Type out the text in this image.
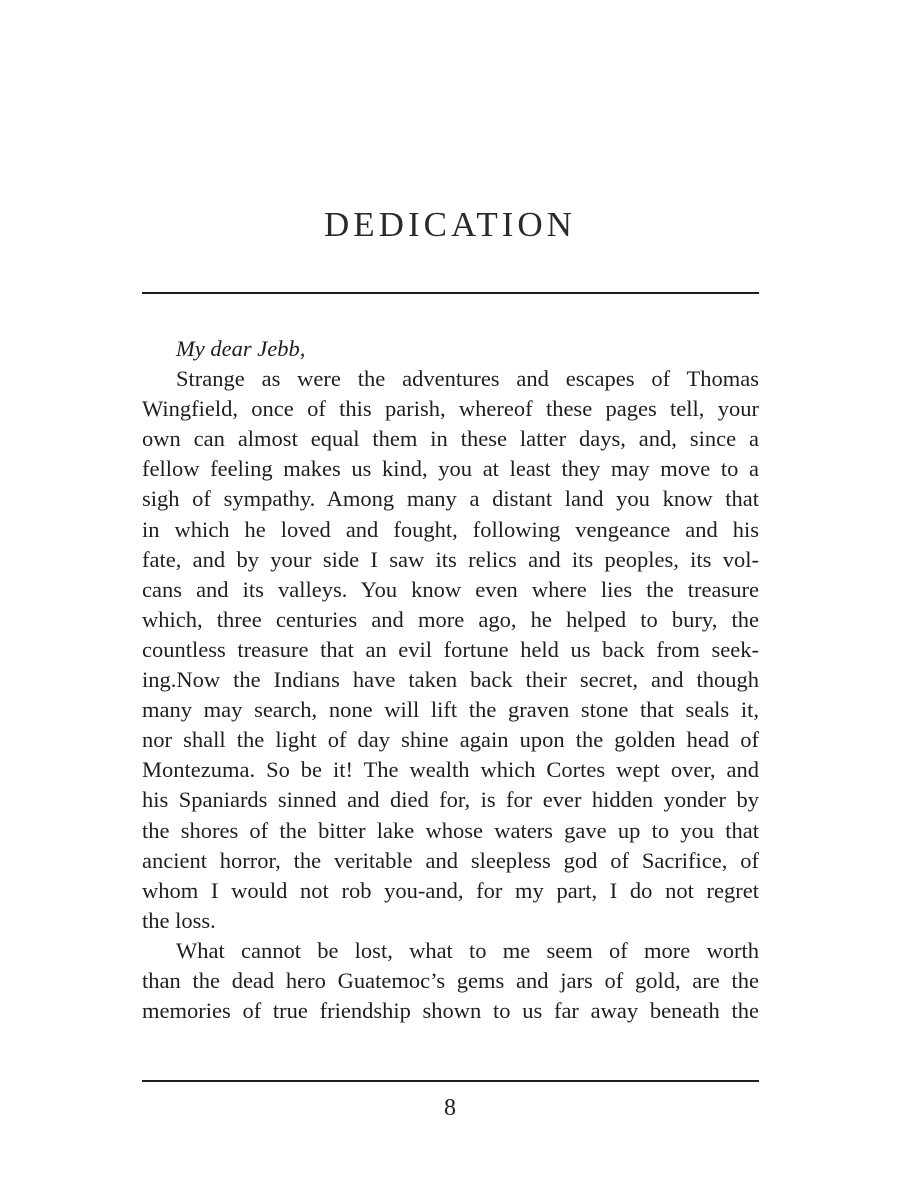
DEDICATION
My dear Jebb,
Strange as were the adventures and escapes of Thomas
Wingfield, once of this parish, whereof these pages tell, your
own can almost equal them in these latter days, and, since a
fellow feeling makes us kind, you at least they may move to a
sigh of sympathy. Among many a distant land you know that
in which he loved and fought, following vengeance and his
fate, and by your side I saw its relics and its peoples, its vol-
cans and its valleys. You know even where lies the treasure
which, three centuries and more ago, he helped to bury, the
countless treasure that an evil fortune held us back from seek-
ing.Now the Indians have taken back their secret, and though
many may search, none will lift the graven stone that seals it,
nor shall the light of day shine again upon the golden head of
Montezuma. So be it! The wealth which Cortes wept over, and
his Spaniards sinned and died for, is for ever hidden yonder by
the shores of the bitter lake whose waters gave up to you that
ancient horror, the veritable and sleepless god of Sacrifice, of
whom I would not rob you-and, for my part, I do not regret
the loss.
What cannot be lost, what to me seem of more worth
than the dead hero Guatemoc’s gems and jars of gold, are the
memories of true friendship shown to us far away beneath the
8
